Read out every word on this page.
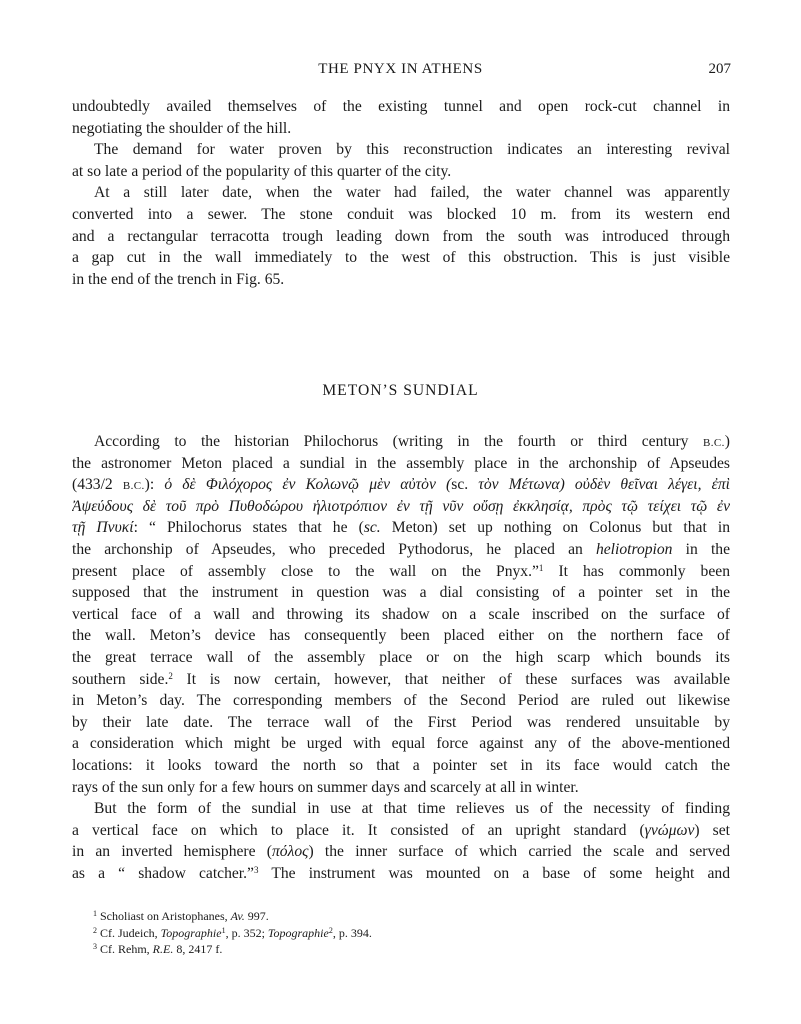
THE PNYX IN ATHENS	207
undoubtedly availed themselves of the existing tunnel and open rock-cut channel in
negotiating the shoulder of the hill.
The demand for water proven by this reconstruction indicates an interesting revival
at so late a period of the popularity of this quarter of the city.
At a still later date, when the water had failed, the water channel was apparently
converted into a sewer. The stone conduit was blocked 10 m. from its western end
and a rectangular terracotta trough leading down from the south was introduced through
a gap cut in the wall immediately to the west of this obstruction. This is just visible
in the end of the trench in Fig. 65.
METON’S SUNDIAL
According to the historian Philochorus (writing in the fourth or third century B.C.)
the astronomer Meton placed a sundial in the assembly place in the archonship of Apseudes
(433/2 B.C.): ὁ δὲ Φιλόχορος ἐν Κολωνῷ μὲν αὐτὸν (sc. τὸν Μέτωνα) οὐδὲν θεῖναι λέγει, ἐπὶ
Ἀψεύδους δὲ τοῦ πρὸ Πυθοδώρου ἡλιοτρόπιον ἐν τῇ νῦν οὔσῃ ἐκκλησίᾳ, πρὸς τῷ τείχει τῷ ἐν
τῇ Πνυκί: “ Philochorus states that he (sc. Meton) set up nothing on Colonus but that in
the archonship of Apseudes, who preceded Pythodorus, he placed an heliotropion in the
present place of assembly close to the wall on the Pnyx.”$^1$ It has commonly been
supposed that the instrument in question was a dial consisting of a pointer set in the
vertical face of a wall and throwing its shadow on a scale inscribed on the surface of
the wall. Meton’s device has consequently been placed either on the northern face of
the great terrace wall of the assembly place or on the high scarp which bounds its
southern side.$^2$ It is now certain, however, that neither of these surfaces was available
in Meton’s day. The corresponding members of the Second Period are ruled out likewise
by their late date. The terrace wall of the First Period was rendered unsuitable by
a consideration which might be urged with equal force against any of the above-mentioned
locations: it looks toward the north so that a pointer set in its face would catch the
rays of the sun only for a few hours on summer days and scarcely at all in winter.
But the form of the sundial in use at that time relieves us of the necessity of finding
a vertical face on which to place it. It consisted of an upright standard (γνώμων) set
in an inverted hemisphere (πόλος) the inner surface of which carried the scale and served
as a “ shadow catcher.”$^3$ The instrument was mounted on a base of some height and
$^1$ Scholiast on Aristophanes, Av. 997.
$^2$ Cf. Judeich, Topographie$^1$, p. 352; Topographie$^2$, p. 394.
$^3$ Cf. Rehm, R.E. 8, 2417 f.
